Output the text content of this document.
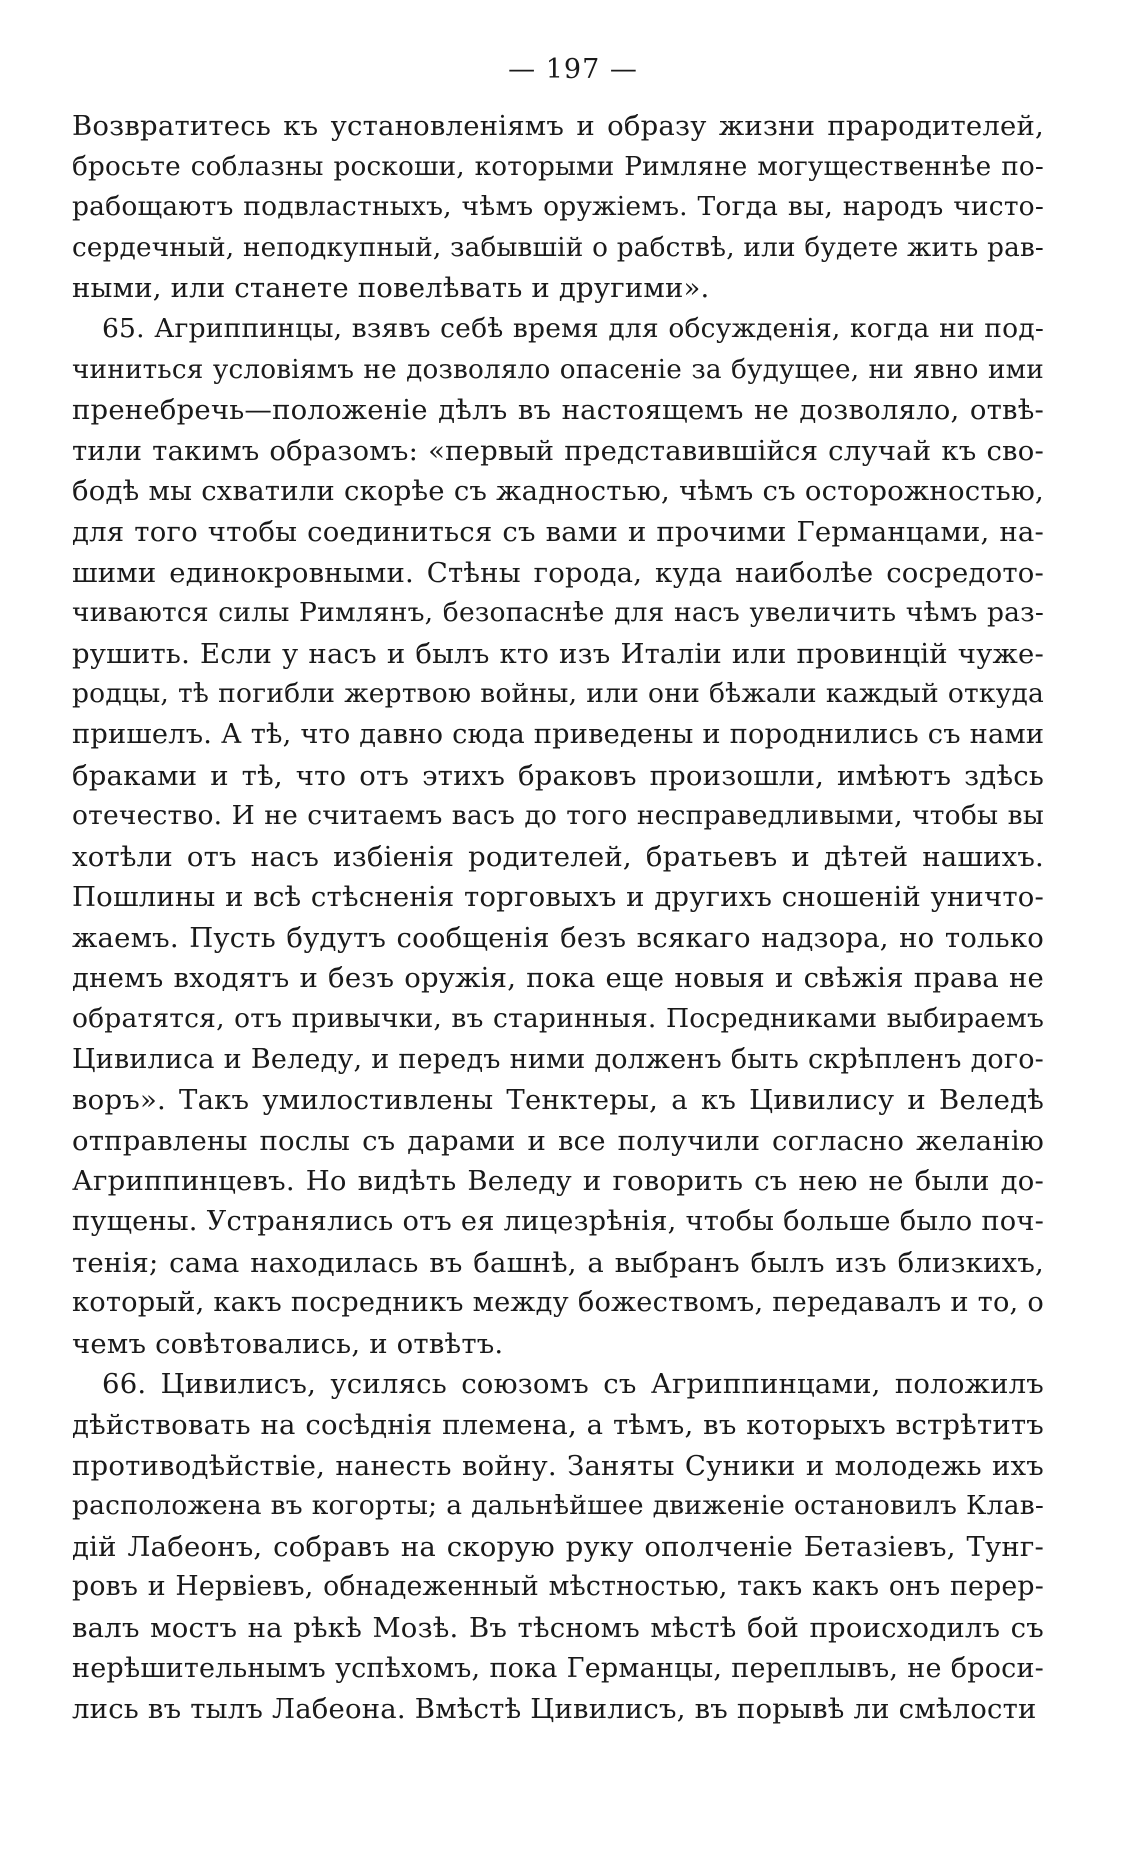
— 197 —
Возвратитесь къ установленіямъ и образу жизни прародителей,
бросьте соблазны роскоши, которыми Римляне могущественнѣе по-
рабощаютъ подвластныхъ, чѣмъ оружіемъ. Тогда вы, народъ чисто-
сердечный, неподкупный, забывшій о рабствѣ, или будете жить рав-
ными, или станете повелѣвать и другими».
65. Агриппинцы, взявъ себѣ время для обсужденія, когда ни под-
чиниться условіямъ не дозволяло опасеніе за будущее, ни явно ими
пренебречь—положеніе дѣлъ въ настоящемъ не дозволяло, отвѣ-
тили такимъ образомъ: «первый представившійся случай къ сво-
бодѣ мы схватили скорѣе съ жадностью, чѣмъ съ осторожностью,
для того чтобы соединиться съ вами и прочими Германцами, на-
шими единокровными. Стѣны города, куда наиболѣе сосредото-
чиваются силы Римлянъ, безопаснѣе для насъ увеличить чѣмъ раз-
рушить. Если у насъ и былъ кто изъ Италіи или провинцій чуже-
родцы, тѣ погибли жертвою войны, или они бѣжали каждый откуда
пришелъ. А тѣ, что давно сюда приведены и породнились съ нами
браками и тѣ, что отъ этихъ браковъ произошли, имѣютъ здѣсь
отечество. И не считаемъ васъ до того несправедливыми, чтобы вы
хотѣли отъ насъ избіенія родителей, братьевъ и дѣтей нашихъ.
Пошлины и всѣ стѣсненія торговыхъ и другихъ сношеній уничто-
жаемъ. Пусть будутъ сообщенія безъ всякаго надзора, но только
днемъ входятъ и безъ оружія, пока еще новыя и свѣжія права не
обратятся, отъ привычки, въ старинныя. Посредниками выбираемъ
Цивилиса и Веледу, и передъ ними долженъ быть скрѣпленъ дого-
воръ». Такъ умилостивлены Тенктеры, а къ Цивилису и Веледѣ
отправлены послы съ дарами и все получили согласно желанію
Агриппинцевъ. Но видѣть Веледу и говорить съ нею не были до-
пущены. Устранялись отъ ея лицезрѣнія, чтобы больше было поч-
тенія; сама находилась въ башнѣ, а выбранъ былъ изъ близкихъ,
который, какъ посредникъ между божествомъ, передавалъ и то, о
чемъ совѣтовались, и отвѣтъ.
66. Цивилисъ, усилясь союзомъ съ Агриппинцами, положилъ
дѣйствовать на сосѣднія племена, а тѣмъ, въ которыхъ встрѣтитъ
противодѣйствіе, нанесть войну. Заняты Суники и молодежь ихъ
расположена въ когорты; а дальнѣйшее движеніе остановилъ Клав-
дій Лабеонъ, собравъ на скорую руку ополченіе Бетазіевъ, Тунг-
ровъ и Нервіевъ, обнадеженный мѣстностью, такъ какъ онъ перер-
валъ мостъ на рѣкѣ Мозѣ. Въ тѣсномъ мѣстѣ бой происходилъ съ
нерѣшительнымъ успѣхомъ, пока Германцы, переплывъ, не броси-
лись въ тылъ Лабеона. Вмѣстѣ Цивилисъ, въ порывѣ ли смѣлости
